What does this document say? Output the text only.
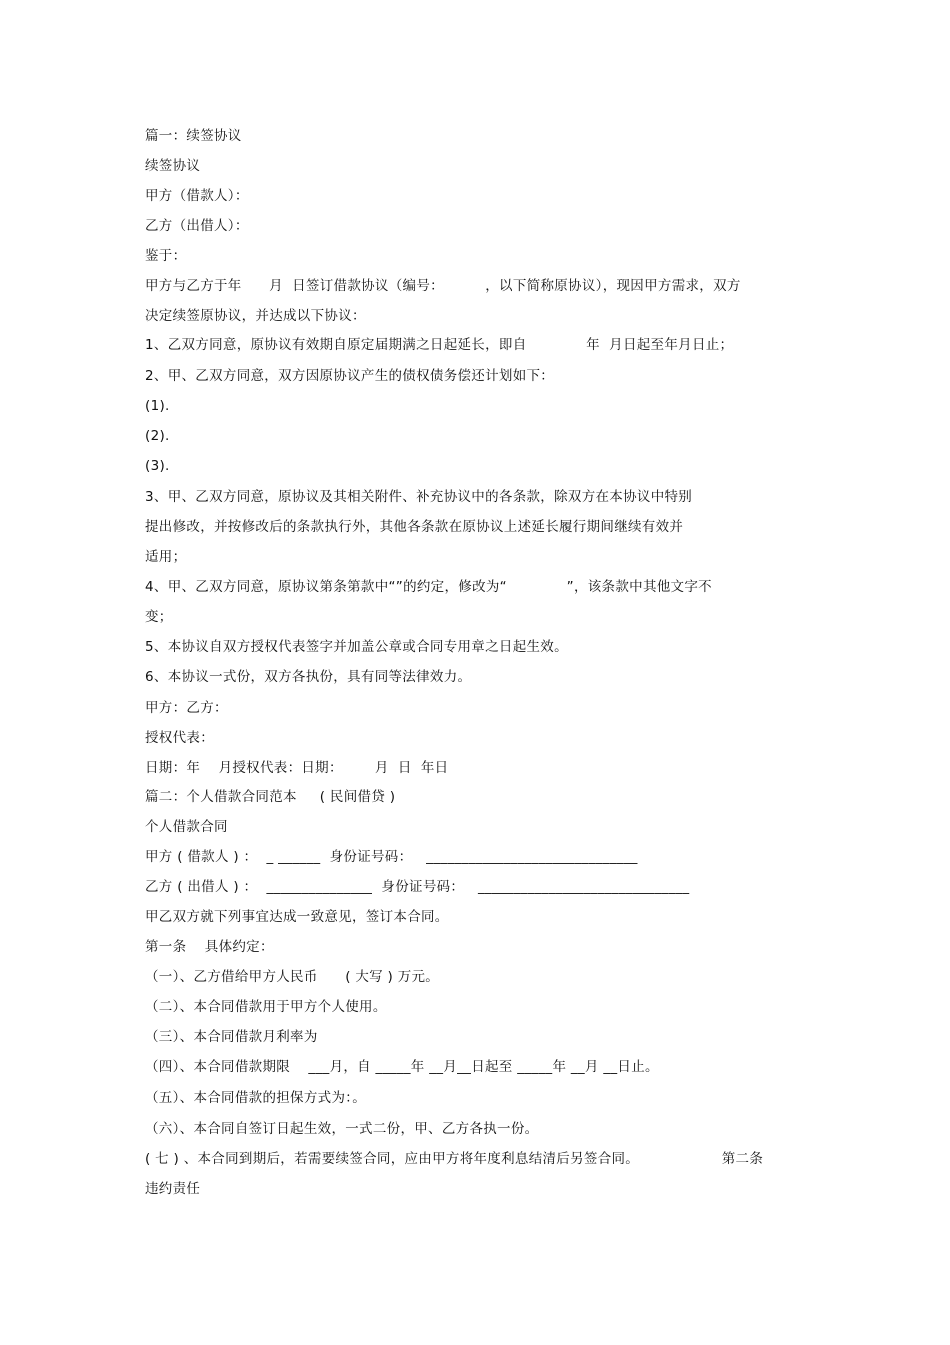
篇一：续签协议
续签协议
甲方（借款人）：
乙方（出借人）：
鉴于：
甲方与乙方于年      月  日签订借款协议（编号：         ，以下简称原协议），现因甲方需求，双方
决定续签原协议，并达成以下协议：
1、乙双方同意，原协议有效期自原定届期满之日起延长，即自             年  月日起至年月日止；
2、甲、乙双方同意，双方因原协议产生的债权债务偿还计划如下：
(1).
(2).
(3).
3、甲、乙双方同意，原协议及其相关附件、补充协议中的各条款，除双方在本协议中特别
提出修改，并按修改后的条款执行外，其他各条款在原协议上述延长履行期间继续有效并
适用；
4、甲、乙双方同意，原协议第条第款中“”的约定，修改为“             ”，该条款中其他文字不
变；
5、本协议自双方授权代表签字并加盖公章或合同专用章之日起生效。
6、本协议一式份，双方各执份，具有同等法律效力。
甲方：乙方：
授权代表：
日期：年    月授权代表：日期：       月  日  年日
篇二：个人借款合同范本     ( 民间借贷 )
个人借款合同
甲方 ( 借款人 ) ：  _ ______  身份证号码：   ______________________________
乙方 ( 出借人 ) ：  _______________  身份证号码：   ______________________________
甲乙双方就下列事宜达成一致意见，签订本合同。
第一条    具体约定：
（一）、乙方借给甲方人民币      ( 大写 ) 万元。
（二）、本合同借款用于甲方个人使用。
（三）、本合同借款月利率为
（四）、本合同借款期限    ___月，自 _____年 __月__日起至 _____年 __月 __日止。
（五）、本合同借款的担保方式为：。
（六）、本合同自签订日起生效，一式二份，甲、乙方各执一份。
( 七 ) 、本合同到期后，若需要续签合同，应由甲方将年度利息结清后另签合同。                  第二条
违约责任
